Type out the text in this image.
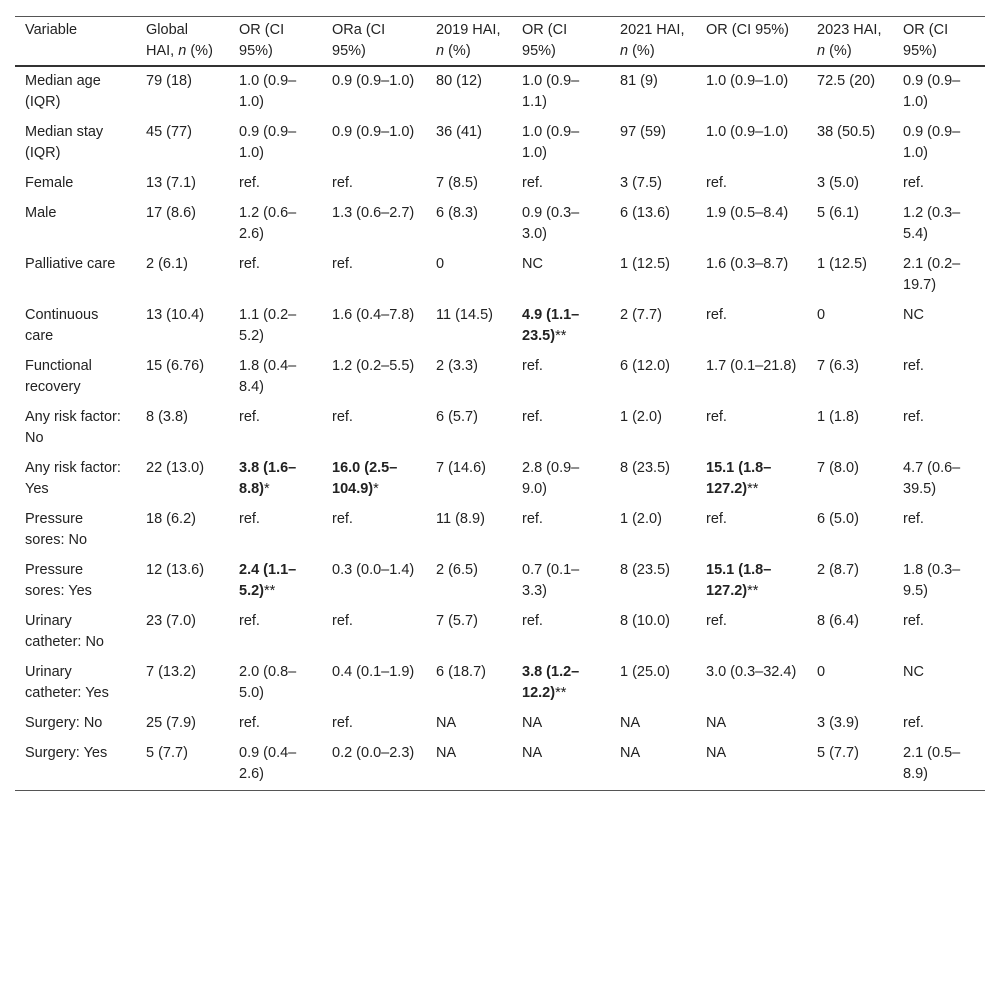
Variable	Global HAI, n (%)	OR (CI 95%)	ORa (CI 95%)	2019 HAI, n (%)	OR (CI 95%)	2021 HAI, n (%)	OR (CI 95%)	2023 HAI, n (%)	OR (CI 95%)
Median age (IQR)	79 (18)	1.0 (0.9–1.0)	0.9 (0.9–1.0)	80 (12)	1.0 (0.9–1.1)	81 (9)	1.0 (0.9–1.0)	72.5 (20)	0.9 (0.9–1.0)
Median stay (IQR)	45 (77)	0.9 (0.9–1.0)	0.9 (0.9–1.0)	36 (41)	1.0 (0.9–1.0)	97 (59)	1.0 (0.9–1.0)	38 (50.5)	0.9 (0.9–1.0)
Female	13 (7.1)	ref.	ref.	7 (8.5)	ref.	3 (7.5)	ref.	3 (5.0)	ref.
Male	17 (8.6)	1.2 (0.6–2.6)	1.3 (0.6–2.7)	6 (8.3)	0.9 (0.3–3.0)	6 (13.6)	1.9 (0.5–8.4)	5 (6.1)	1.2 (0.3–5.4)
Palliative care	2 (6.1)	ref.	ref.	0	NC	1 (12.5)	1.6 (0.3–8.7)	1 (12.5)	2.1 (0.2–19.7)
Continuous care	13 (10.4)	1.1 (0.2–5.2)	1.6 (0.4–7.8)	11 (14.5)	4.9 (1.1–23.5)**	2 (7.7)	ref.	0	NC
Functional recovery	15 (6.76)	1.8 (0.4–8.4)	1.2 (0.2–5.5)	2 (3.3)	ref.	6 (12.0)	1.7 (0.1–21.8)	7 (6.3)	ref.
Any risk factor: No	8 (3.8)	ref.	ref.	6 (5.7)	ref.	1 (2.0)	ref.	1 (1.8)	ref.
Any risk factor: Yes	22 (13.0)	3.8 (1.6–8.8)*	16.0 (2.5–104.9)*	7 (14.6)	2.8 (0.9–9.0)	8 (23.5)	15.1 (1.8–127.2)**	7 (8.0)	4.7 (0.6–39.5)
Pressure sores: No	18 (6.2)	ref.	ref.	11 (8.9)	ref.	1 (2.0)	ref.	6 (5.0)	ref.
Pressure sores: Yes	12 (13.6)	2.4 (1.1–5.2)**	0.3 (0.0–1.4)	2 (6.5)	0.7 (0.1–3.3)	8 (23.5)	15.1 (1.8–127.2)**	2 (8.7)	1.8 (0.3–9.5)
Urinary catheter: No	23 (7.0)	ref.	ref.	7 (5.7)	ref.	8 (10.0)	ref.	8 (6.4)	ref.
Urinary catheter: Yes	7 (13.2)	2.0 (0.8–5.0)	0.4 (0.1–1.9)	6 (18.7)	3.8 (1.2–12.2)**	1 (25.0)	3.0 (0.3–32.4)	0	NC
Surgery: No	25 (7.9)	ref.	ref.	NA	NA	NA	NA	3 (3.9)	ref.
Surgery: Yes	5 (7.7)	0.9 (0.4–2.6)	0.2 (0.0–2.3)	NA	NA	NA	NA	5 (7.7)	2.1 (0.5–8.9)
